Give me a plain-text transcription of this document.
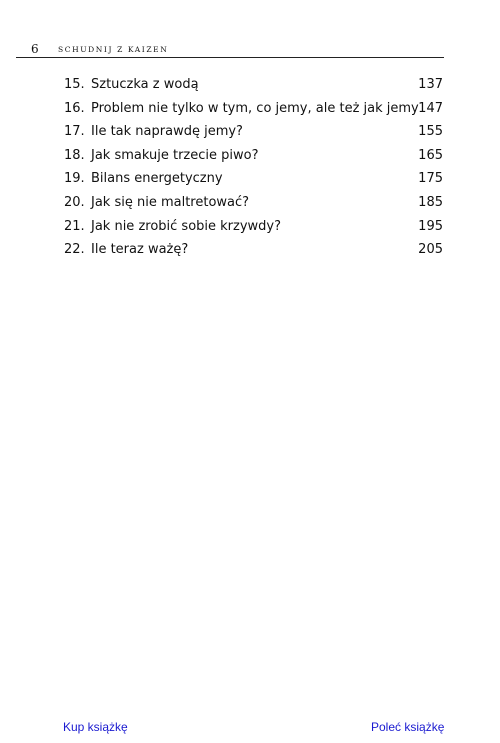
6	SCHUDNIJ Z KAIZEN
15. Sztuczka z wodą	137
16. Problem nie tylko w tym, co jemy, ale też jak jemy 147
17. Ile tak naprawdę jemy?	155
18. Jak smakuje trzecie piwo?	165
19. Bilans energetyczny	175
20. Jak się nie maltretować?	185
21. Jak nie zrobić sobie krzywdy?	195
22. Ile teraz ważę?	205
Kup książkę	Poleć książkę
